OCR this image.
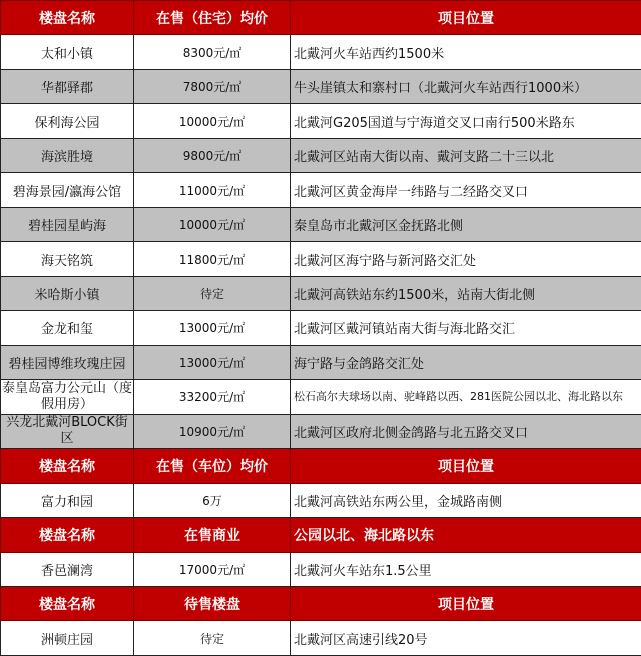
楼盘名称	在售（住宅）均价	项目位置
太和小镇	8300元/㎡	北戴河火车站西约1500米
华都驿郡	7800元/㎡	牛头崖镇太和寨村口（北戴河火车站西行1000米）
保利海公园	10000元/㎡	北戴河G205国道与宁海道交叉口南行500米路东
海滨胜境	9800元/㎡	北戴河区站南大街以南、戴河支路二十三以北
碧海景园/瀛海公馆	11000元/㎡	北戴河区黄金海岸一纬路与二经路交叉口
碧桂园星屿海	10000元/㎡	秦皇岛市北戴河区金抚路北侧
海天铭筑	11800元/㎡	北戴河区海宁路与新河路交汇处
米哈斯小镇	待定	北戴河高铁站东约1500米，站南大街北侧
金龙和玺	13000元/㎡	北戴河区戴河镇站南大街与海北路交汇
碧桂园博维玫瑰庄园	13000元/㎡	海宁路与金鸽路交汇处
泰皇岛富力公元山（度假用房）	33200元/㎡	松石高尔夫球场以南、驼峰路以西、281医院公园以北、海北路以东
兴龙北戴河BLOCK街区	10900元/㎡	北戴河区政府北侧金鸽路与北五路交叉口
楼盘名称	在售（车位）均价	项目位置
富力和园	6万	北戴河高铁站东两公里，金城路南侧
楼盘名称	在售商业	公园以北、海北路以东
香邑澜湾	17000元/㎡	北戴河火车站东1.5公里
楼盘名称	待售楼盘	项目位置
洲顿庄园	待定	北戴河区高速引线20号
